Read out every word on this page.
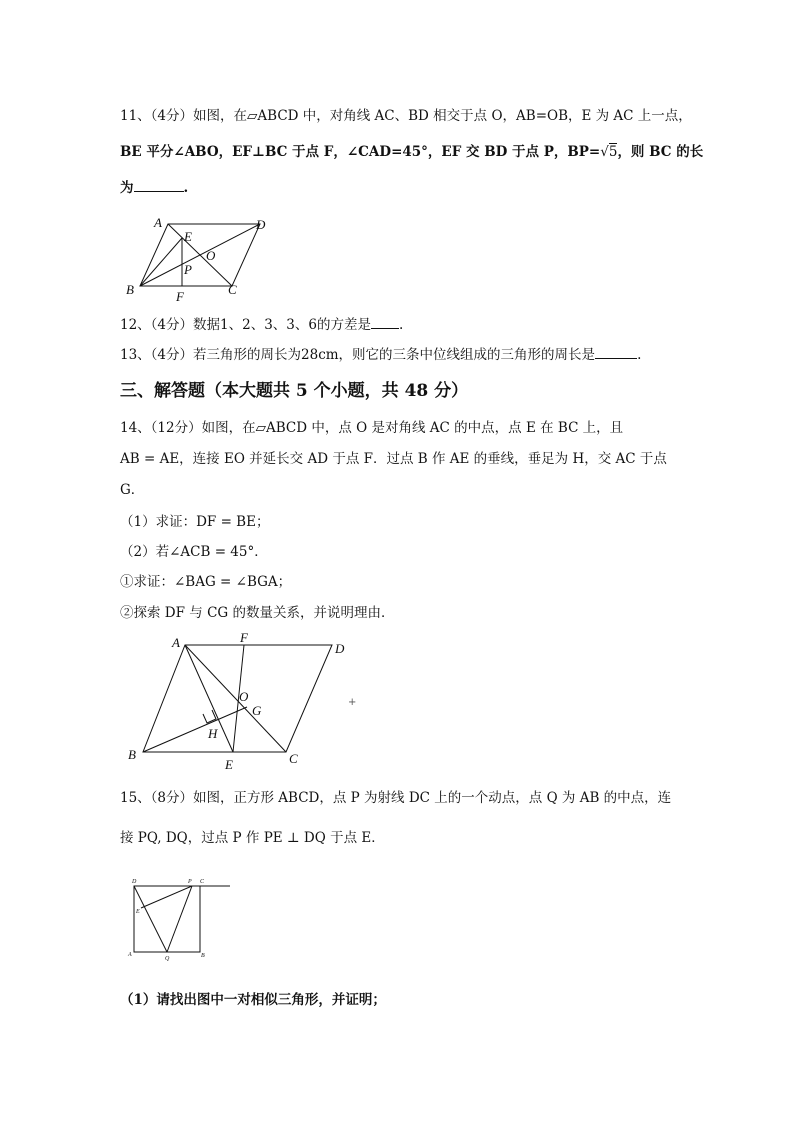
11、（4分）如图，在▱ABCD 中，对角线 AC、BD 相交于点 O，AB=OB，E 为 AC 上一点，
BE 平分∠ABO，EF⊥BC 于点 F，∠CAD=45°，EF 交 BD 于点 P，BP=√5，则 BC 的长
为	.
A	D
E
O
P
B	F	C
12、（4分）数据1、2、3、3、6的方差是 .
13、（4分）若三角形的周长为28cm，则它的三条中位线组成的三角形的周长是	.
三、解答题（本大题共 5 个小题，共 48 分）
14、（12分）如图，在▱ABCD 中，点 O 是对角线 AC 的中点，点 E 在 BC 上，且
AB = AE，连接 EO 并延长交 AD 于点 F．过点 B 作 AE 的垂线，垂足为 H，交 AC 于点
G．
（1）求证：DF = BE；
（2）若∠ACB = 45°．
①求证：∠BAG = ∠BGA；
②探索 DF 与 CG 的数量关系，并说明理由．
A	F
D
O
G
H
B
E	C
+
15、（8分）如图，正方形 ABCD，点 P 为射线 DC 上的一个动点，点 Q 为 AB 的中点，连
接 PQ, DQ，过点 P 作 PE ⊥ DQ 于点 E．
D	P C
E
A
Q	B
（1）请找出图中一对相似三角形，并证明；
